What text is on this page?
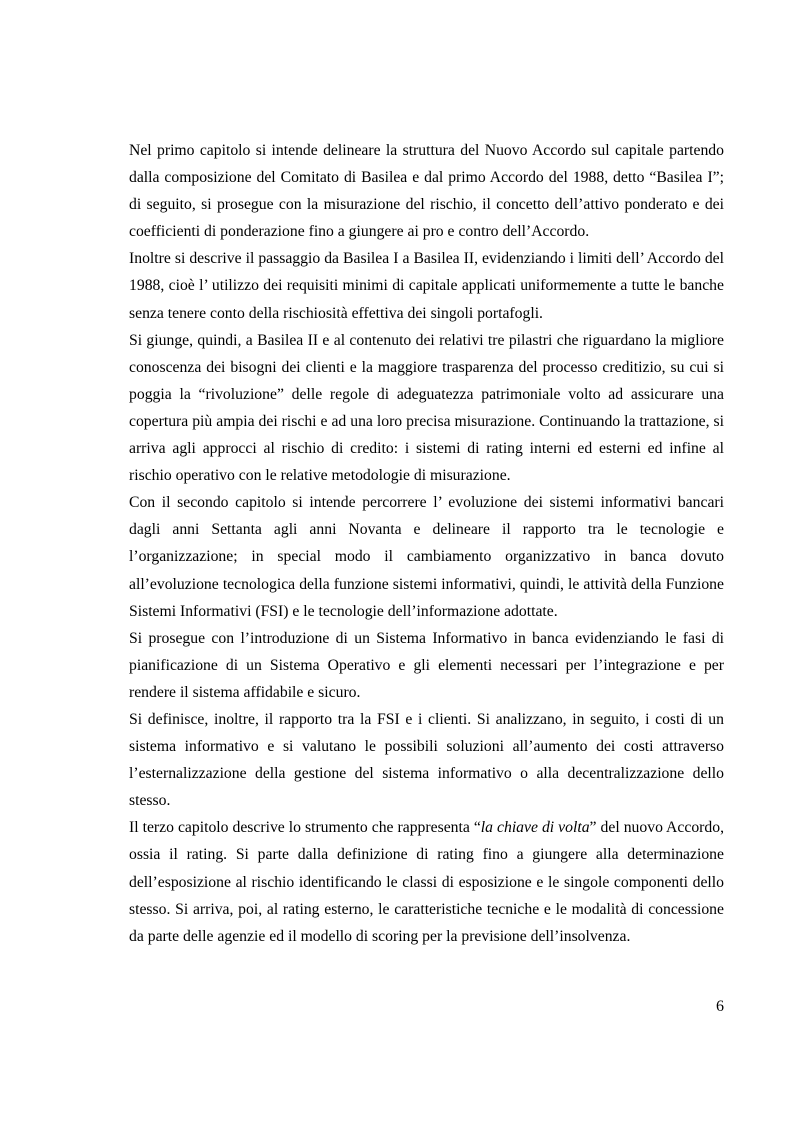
Nel primo capitolo si intende delineare la struttura del Nuovo Accordo sul capitale partendo dalla composizione del Comitato di Basilea e dal primo Accordo del 1988, detto “Basilea I”; di seguito, si prosegue con la misurazione del rischio, il concetto dell’attivo ponderato e dei coefficienti di ponderazione fino a giungere ai pro e contro dell’Accordo.

Inoltre si descrive il passaggio da Basilea I a Basilea II, evidenziando i limiti dell’ Accordo del 1988, cioè l’ utilizzo dei requisiti minimi di capitale applicati uniformemente a tutte le banche senza tenere conto della rischiosità effettiva dei singoli portafogli.

Si giunge, quindi, a Basilea II e al contenuto dei relativi tre pilastri che riguardano la migliore conoscenza dei bisogni dei clienti e la maggiore trasparenza del processo creditizio, su cui si poggia la “rivoluzione” delle regole di adeguatezza patrimoniale volto ad assicurare una copertura più ampia dei rischi e ad una loro precisa misurazione. Continuando la trattazione, si arriva agli approcci al rischio di credito: i sistemi di rating interni ed esterni ed infine al rischio operativo con le relative metodologie di misurazione.

Con il secondo capitolo si intende percorrere l’ evoluzione dei sistemi informativi bancari dagli anni Settanta agli anni Novanta e delineare il rapporto tra le tecnologie e l’organizzazione; in special modo il cambiamento organizzativo in banca dovuto all’evoluzione tecnologica della funzione sistemi informativi, quindi, le attività della Funzione Sistemi Informativi (FSI) e le tecnologie dell’informazione adottate.

Si prosegue con l’introduzione di un Sistema Informativo in banca evidenziando le fasi di pianificazione di un Sistema Operativo e gli elementi necessari per l’integrazione e per rendere il sistema affidabile e sicuro.

Si definisce, inoltre, il rapporto tra la FSI e i clienti. Si analizzano, in seguito, i costi di un sistema informativo e si valutano le possibili soluzioni all’aumento dei costi attraverso l’esternalizzazione della gestione del sistema informativo o alla decentralizzazione dello stesso.

Il terzo capitolo descrive lo strumento che rappresenta “la chiave di volta” del nuovo Accordo, ossia il rating. Si parte dalla definizione di rating fino a giungere alla determinazione dell’esposizione al rischio identificando le classi di esposizione e le singole componenti dello stesso. Si arriva, poi, al rating esterno, le caratteristiche tecniche e le modalità di concessione da parte delle agenzie ed il modello di scoring per la previsione dell’insolvenza.

6
